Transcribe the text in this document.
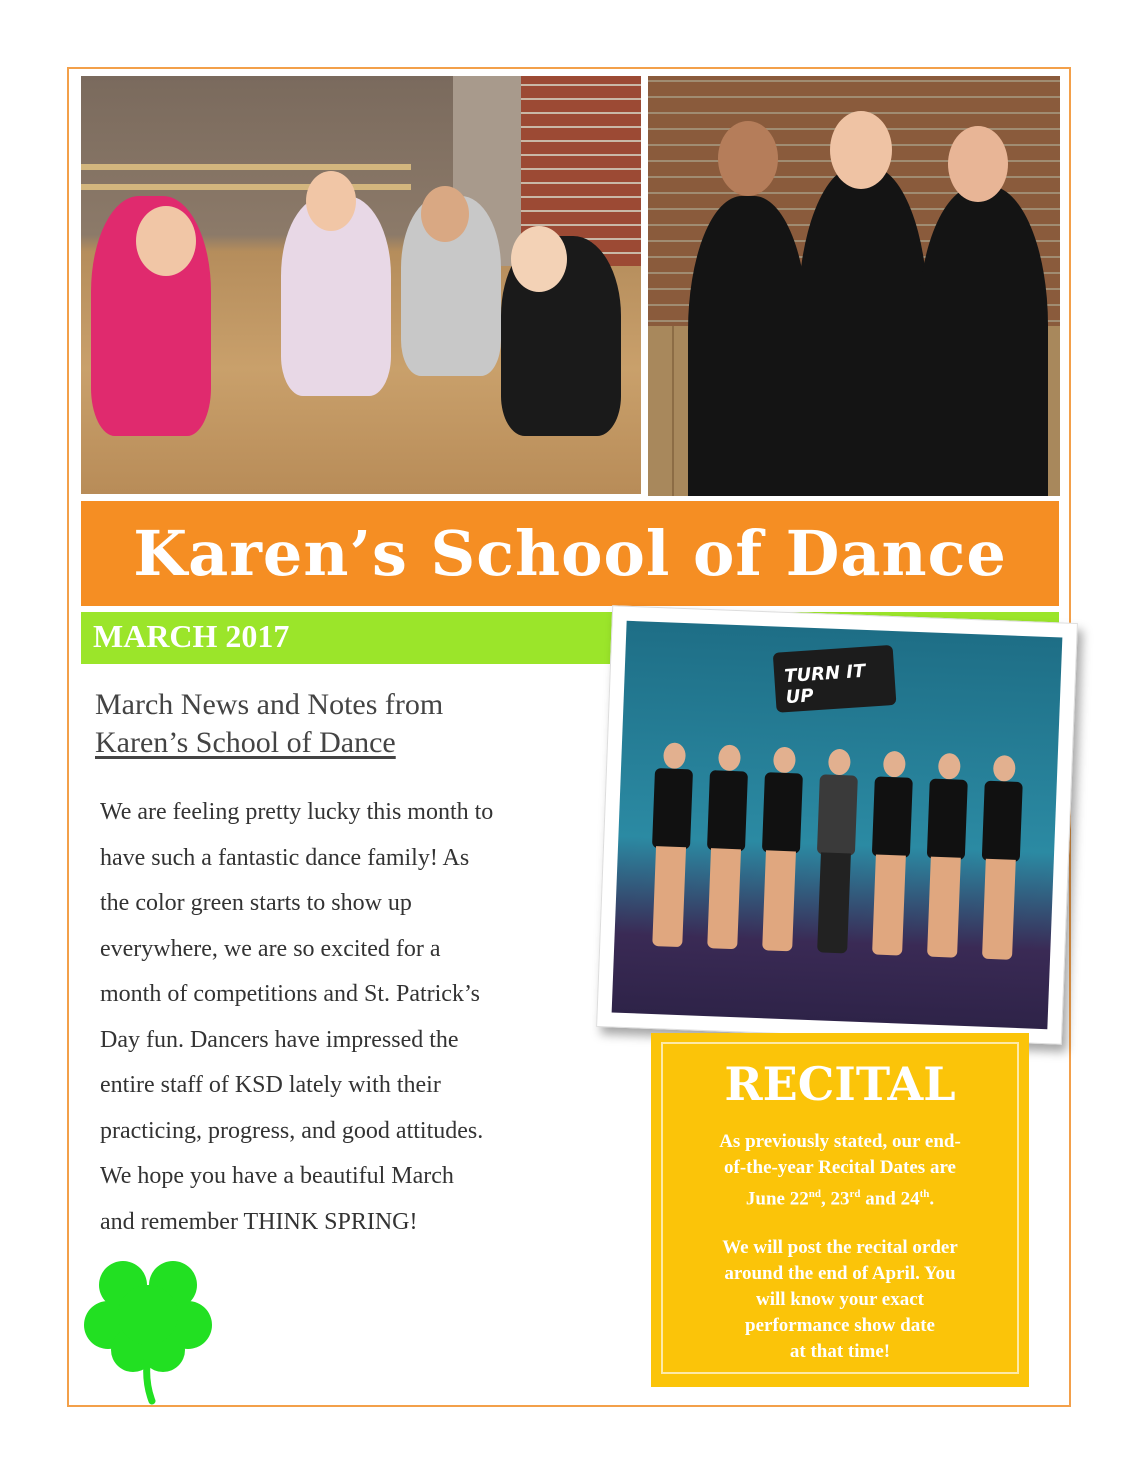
Karen’s School of Dance
MARCH 2017
March News and Notes from
Karen’s School of Dance
We are feeling pretty lucky this month to
have such a fantastic dance family! As
the color green starts to show up
everywhere, we are so excited for a
month of competitions and St. Patrick’s
Day fun. Dancers have impressed the
entire staff of KSD lately with their
practicing, progress, and good attitudes.
We hope you have a beautiful March
and remember THINK SPRING!
TURN IT UP
RECITAL
As previously stated, our end-
of-the-year Recital Dates are
June 22nd, 23rd and 24th.
We will post the recital order
around the end of April. You
will know your exact
performance show date
at that time!
